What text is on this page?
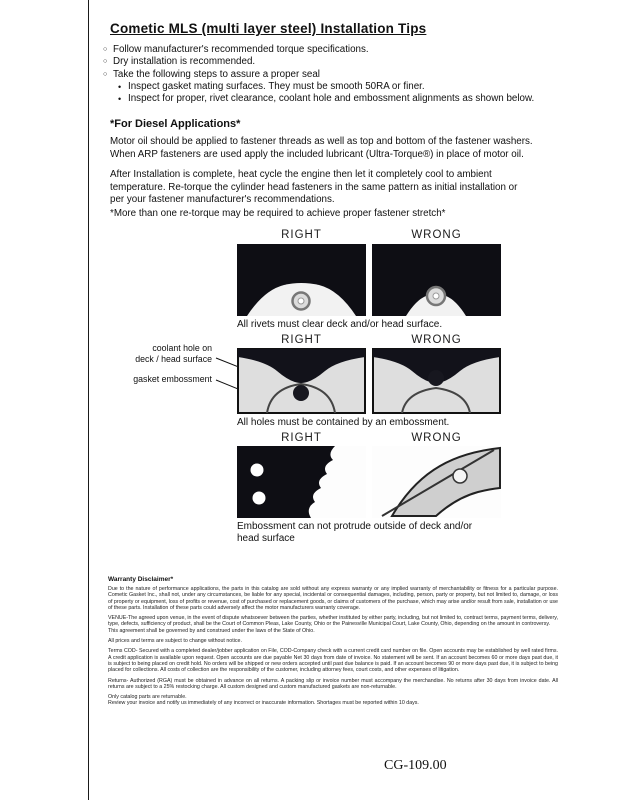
Cometic MLS (multi layer steel) Installation Tips
○ Follow manufacturer's recommended torque specifications.
○ Dry installation is recommended.
○ Take the following steps to assure a proper seal
• Inspect gasket mating surfaces. They must be smooth 50RA or finer.
• Inspect for proper, rivet clearance, coolant hole and embossment alignments as shown below.
*For Diesel Applications*
Motor oil should be applied to fastener threads as well as top and bottom of the fastener washers. When ARP fasteners are used apply the included lubricant (Ultra-Torque®) in place of motor oil.
After Installation is complete, heat cycle the engine then let it completely cool to ambient temperature. Re-torque the cylinder head fasteners in the same pattern as initial installation or per your fastener manufacturer's recommendations.
*More than one re-torque may be required to achieve proper fastener stretch*
RIGHT	WRONG
All rivets must clear deck and/or head surface.
RIGHT	WRONG
coolant hole on
deck / head surface
gasket embossment
All holes must be contained by an embossment.
RIGHT	WRONG
Embossment can not protrude outside of deck and/or head surface
Warranty Disclaimer*

Due to the nature of performance applications, the parts in this catalog are sold without any express warranty or any implied warranty of merchantability or fitness for a particular purpose. Cometic Gasket Inc., shall not, under any circumstances, be liable for any special, incidental or consequential damages, including, person, party or property, but not limited to, damage, or loss of property or equipment, loss of profits or revenue, cost of purchased or replacement goods, or claims of customers of the purchase, which may arise and/or result from sale, installation or use of these parts. Installation of these parts could adversely affect the motor manufacturers warranty coverage.

VENUE-The agreed upon venue, in the event of dispute whatsoever between the parties, whether instituted by either party, including, but not limited to, contract terms, payment terms, delivery, type, defects, sufficiency of product, shall be the Court of Common Pleas, Lake County, Ohio or the Painesville Municipal Court, Lake County, Ohio, depending on the amount in controversy.

This agreement shall be governed by and construed under the laws of the State of Ohio.

All prices and terms are subject to change without notice.

Terms COD- Secured with a completed dealer/jobber application on File, COD-Company check with a current credit card number on file. Open accounts may be established by well rated firms. A credit application is available upon request. Open accounts are due payable Net 30 days from date of invoice. No statement will be sent. If an account becomes 60 or more days past due, it is subject to being placed on credit hold. No orders will be shipped or new orders accepted until past due balance is paid. If an account becomes 90 or more days past due, it is subject to being placed for collections. All costs of collection are the responsibility of the customer, including attorney fees, court costs, and other expenses of litigation.

Returns- Authorized (RGA) must be obtained in advance on all returns. A packing slip or invoice number must accompany the merchandise. No returns after 30 days from invoice date. All returns are subject to a 25% restocking charge. All custom designed and custom manufactured gaskets are non-returnable.

Only catalog parts are returnable.

Review your invoice and notify us immediately of any incorrect or inaccurate information. Shortages must be reported within 10 days.

CG-109.00
